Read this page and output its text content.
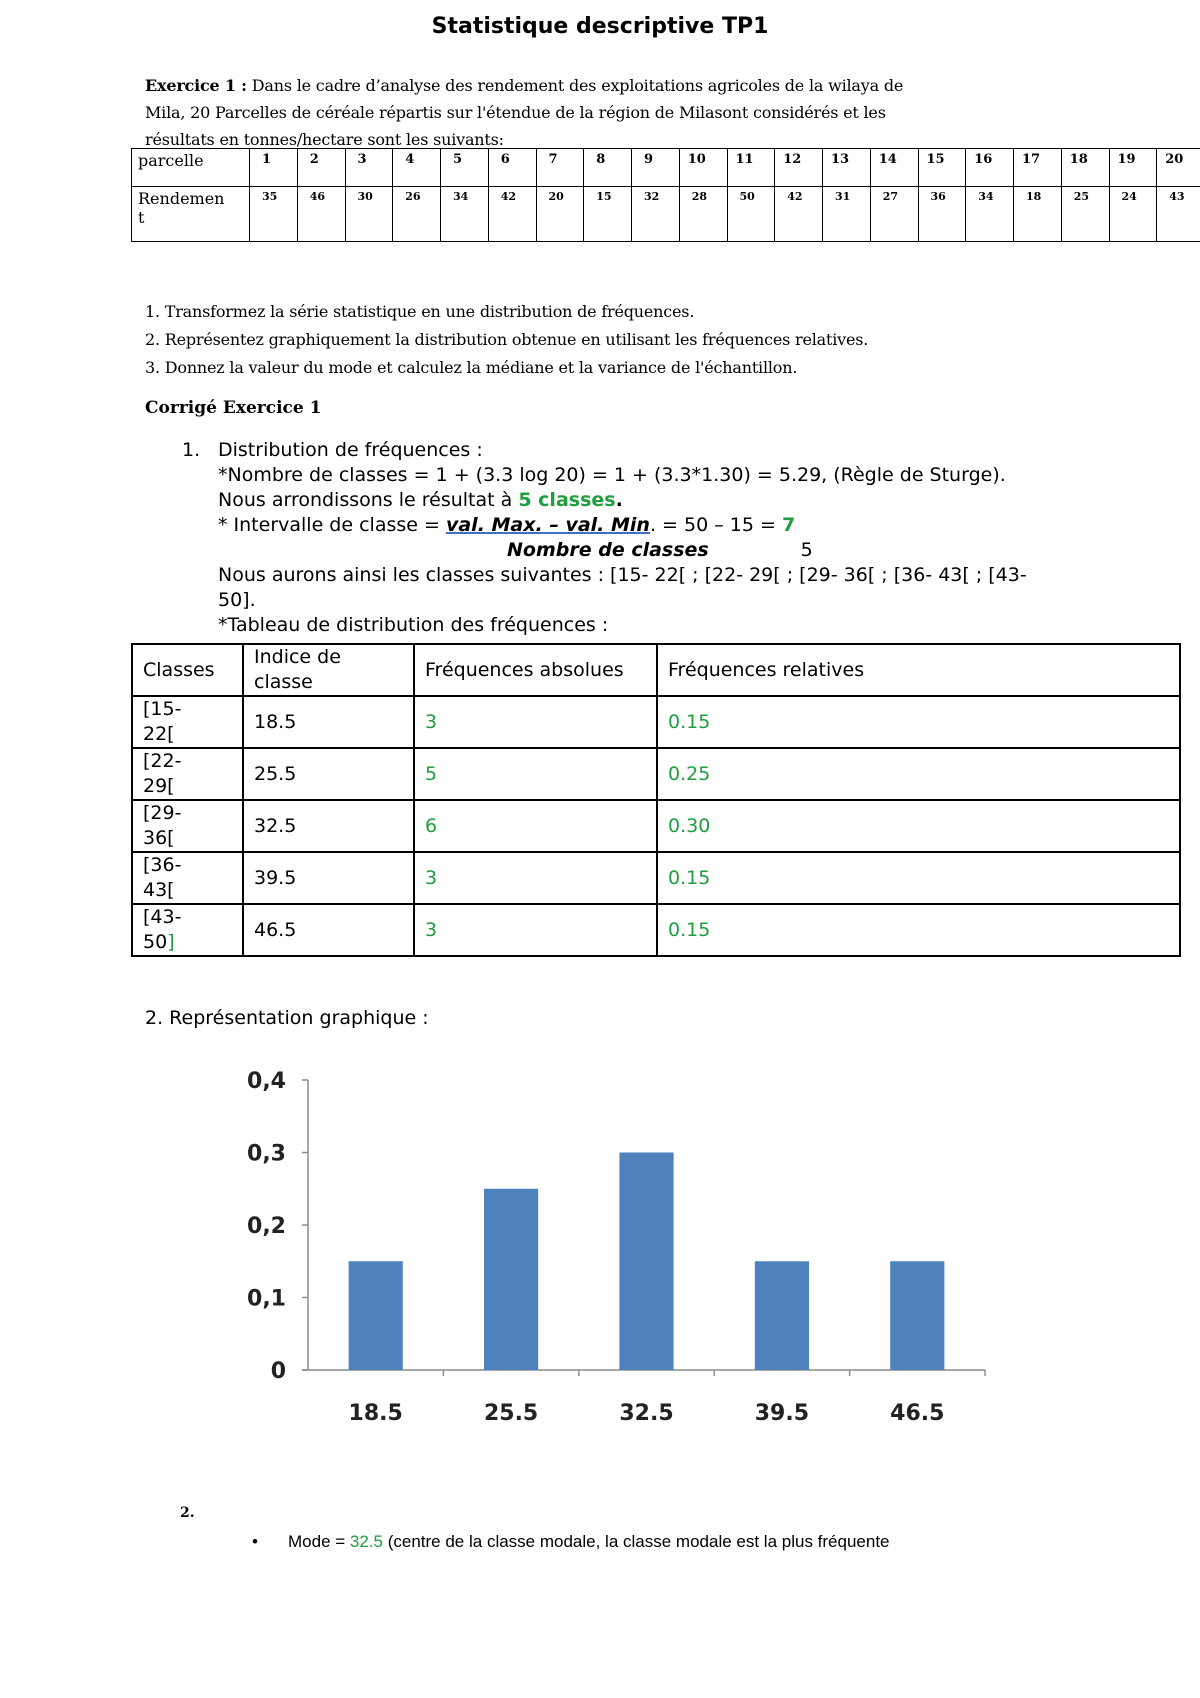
Statistique descriptive TP1
Exercice 1 : Dans le cadre d’analyse des rendement des exploitations agricoles de la wilaya de
Mila, 20 Parcelles de céréale répartis sur l'étendue de la région de Milasont considérés et les
résultats en tonnes/hectare sont les suivants:
parcelle	1	2	3	4	5	6	7	8	9	10	11	12	13	14	15	16	17	18	19	20
Rendemen
t	35	46	30	26	34	42	20	15	32	28	50	42	31	27	36	34	18	25	24	43
1. Transformez la série statistique en une distribution de fréquences.
2. Représentez graphiquement la distribution obtenue en utilisant les fréquences relatives.
3. Donnez la valeur du mode et calculez la médiane et la variance de l'échantillon.
Corrigé Exercice 1
1. Distribution de fréquences :
*Nombre de classes = 1 + (3.3 log 20) = 1 + (3.3*1.30) = 5.29, (Règle de Sturge).
Nous arrondissons le résultat à 5 classes.
* Intervalle de classe = val. Max. – val. Min. = 50 – 15 = 7
Nombre de classes	5
Nous aurons ainsi les classes suivantes : [15- 22[ ; [22- 29[ ; [29- 36[ ; [36- 43[ ; [43-
50].
*Tableau de distribution des fréquences :
Classes	Indice de classe	Fréquences absolues	Fréquences relatives
[15-
22[	18.5	3	0.15
[22-
29[	25.5	5	0.25
[29-
36[	32.5	6	0.30
[36-
43[	39.5	3	0.15
[43-
50]	46.5	3	0.15
2. Représentation graphique :
0
0,1
0,2
0,3
0,4
18.5	25.5	32.5	39.5	46.5
2.
• Mode = 32.5 (centre de la classe modale, la classe modale est la plus fréquente
